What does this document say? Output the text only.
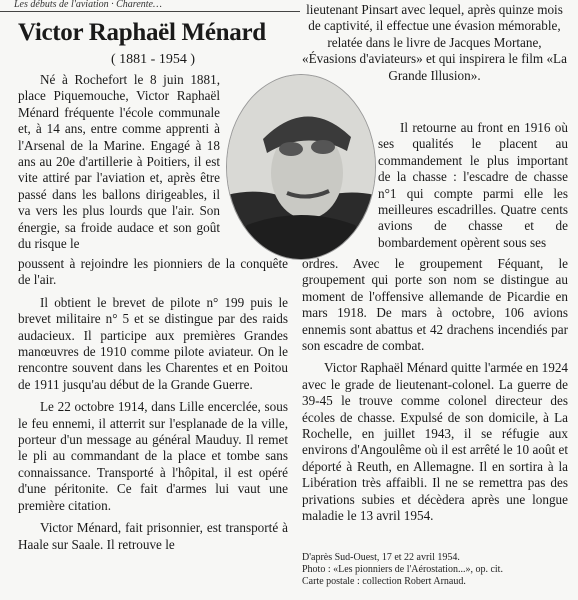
Les débuts de l'aviation · Charente…
Victor Raphaël Ménard
( 1881 - 1954 )

Né à Rochefort le 8 juin 1881, place Piquemouche, Victor Raphaël Ménard fréquente l'école communale et, à 14 ans, entre comme apprenti à l'Arsenal de la Marine. Engagé à 18 ans au 20e d'artillerie à Poitiers, il est vite attiré par l'aviation et, après être passé dans les ballons dirigeables, il va vers les plus lourds que l'air. Son énergie, sa froide audace et son goût du risque le

poussent à rejoindre les pionniers de la conquête de l'air.

Il obtient le brevet de pilote n° 199 puis le brevet militaire n° 5 et se distingue par des raids audacieux. Il participe aux premières Grandes manœuvres de 1910 comme pilote aviateur. On le rencontre souvent dans les Charentes et en Poitou de 1911 jusqu'au début de la Grande Guerre.

Le 22 octobre 1914, dans Lille encerclée, sous le feu ennemi, il atterrit sur l'esplanade de la ville, porteur d'un message au général Mauduy. Il remet le pli au commandant de la place et tombe sans connaissance. Transporté à l'hôpital, il est opéré d'une péritonite. Ce fait d'armes lui vaut une première citation.

Victor Ménard, fait prisonnier, est transporté à Haale sur Saale. Il retrouve le

lieutenant Pinsart avec lequel, après quinze mois de captivité, il effectue une évasion mémorable, relatée dans le livre de Jacques Mortane, «Évasions d'aviateurs» et qui inspirera le film «La Grande Illusion».

Il retourne au front en 1916 où ses qualités le placent au commandement le plus important de la chasse : l'escadre de chasse n°1 qui compte parmi elle les meilleures escadrilles. Quatre cents avions de chasse et de bombardement opèrent sous ses

ordres. Avec le groupement Féquant, le groupement qui porte son nom se distingue au moment de l'offensive allemande de Picardie en mars 1918. De mars à octobre, 106 avions ennemis sont abattus et 42 drachens incendiés par son escadre de combat.

Victor Raphaël Ménard quitte l'armée en 1924 avec le grade de lieutenant-colonel. La guerre de 39-45 le trouve comme colonel directeur des écoles de chasse. Expulsé de son domicile, à La Rochelle, en juillet 1943, il se réfugie aux environs d'Angoulême où il est arrêté le 10 août et déporté à Reuth, en Allemagne. Il en sortira à la Libération très affaibli. Il ne se remettra pas des privations subies et décèdera après une longue maladie le 13 avril 1954.

D'après Sud-Ouest, 17 et 22 avril 1954.
Photo : «Les pionniers de l'Aérostation...», op. cit.
Carte postale : collection Robert Arnaud.
